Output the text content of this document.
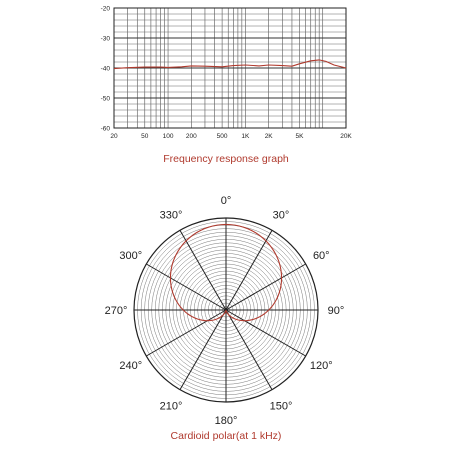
-20
-30
-40
-50
-60
20	50 100 200	500 1K 2K	5K	20K
Frequency response graph
0°
30°
60°
90°
120°
150°
180°
210°
240°
270°
300°
330°
Cardioid polar(at 1 kHz)
